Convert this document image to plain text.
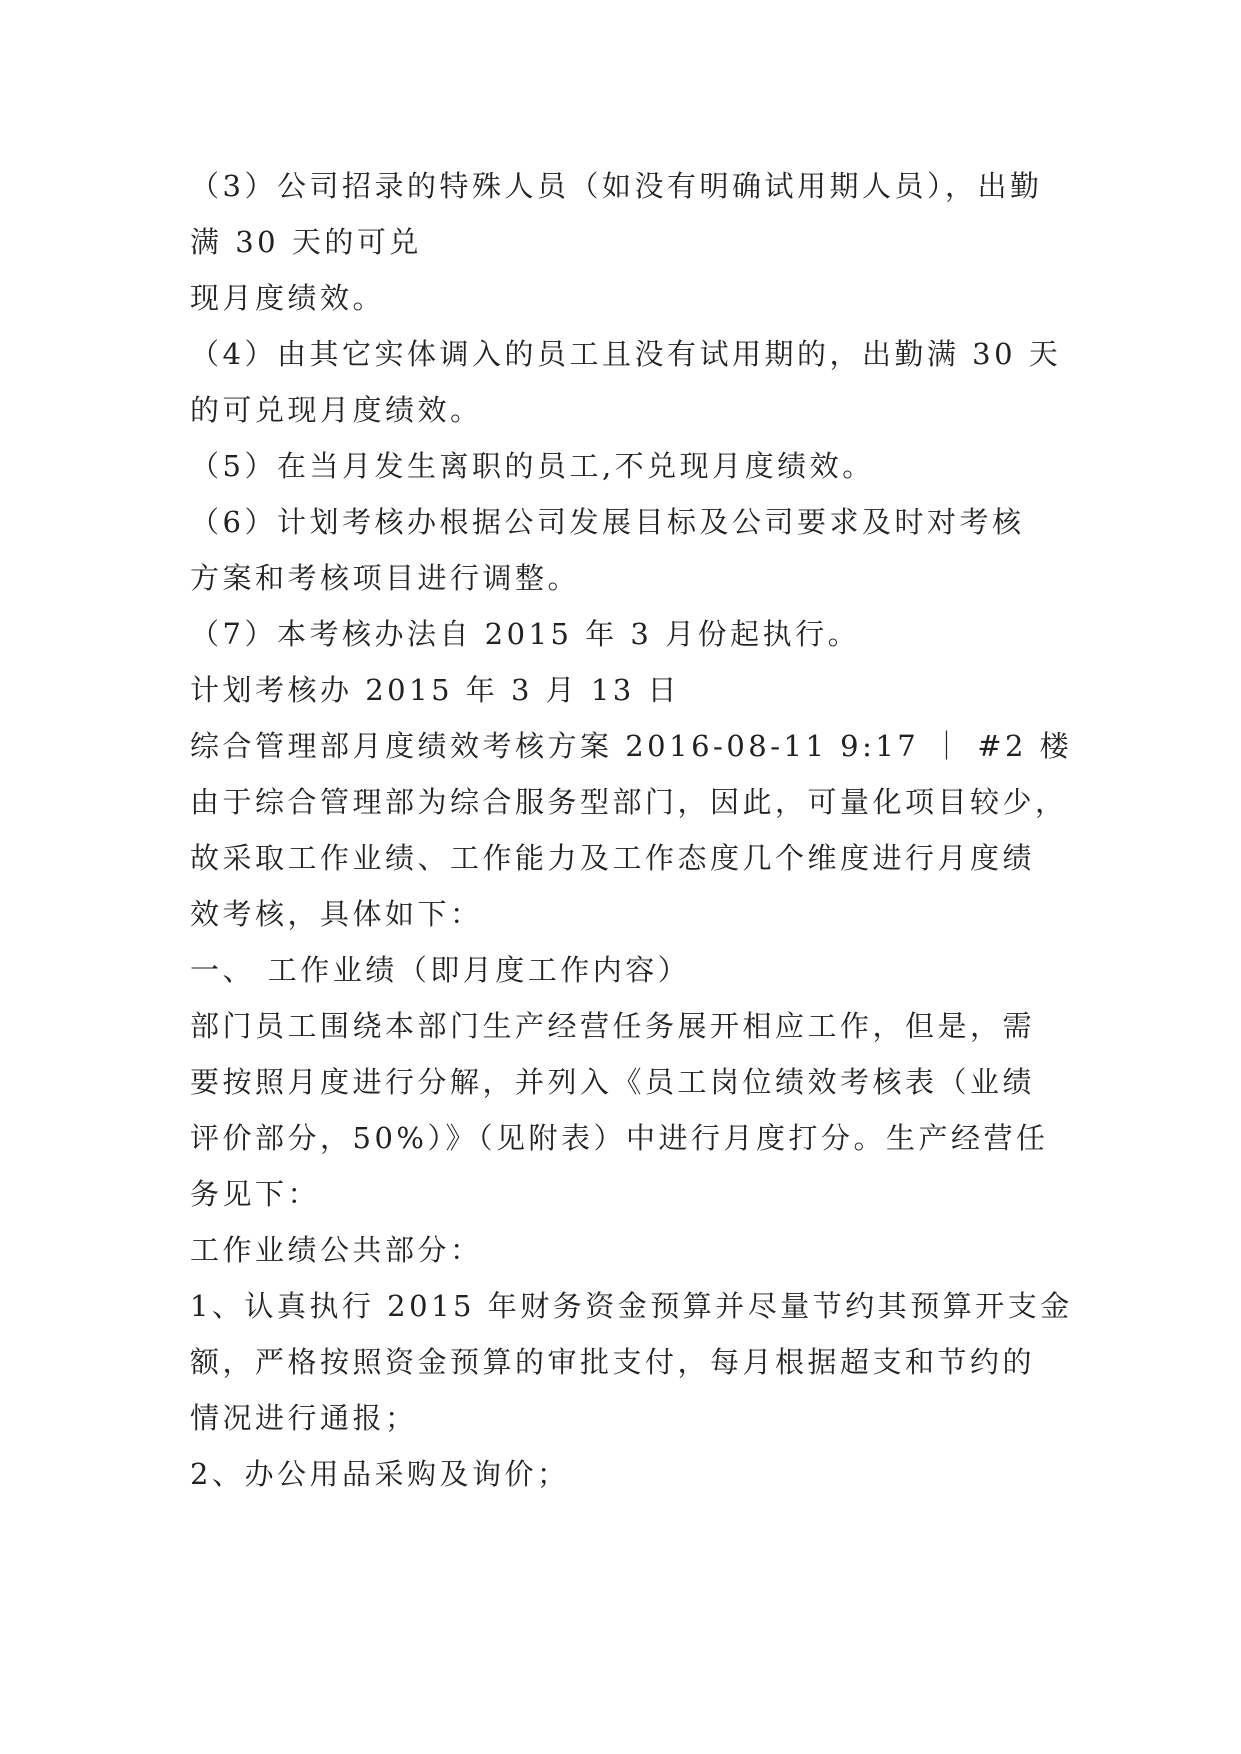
（3）公司招录的特殊人员（如没有明确试用期人员），出勤
满 30 天的可兑
现月度绩效。
（4）由其它实体调入的员工且没有试用期的，出勤满 30 天
的可兑现月度绩效。
（5）在当月发生离职的员工,不兑现月度绩效。
（6）计划考核办根据公司发展目标及公司要求及时对考核
方案和考核项目进行调整。
（7）本考核办法自 2015 年 3 月份起执行。
计划考核办 2015 年 3 月 13 日
综合管理部月度绩效考核方案 2016-08-11 9:17 ｜ #2 楼
由于综合管理部为综合服务型部门，因此，可量化项目较少，
故采取工作业绩、工作能力及工作态度几个维度进行月度绩
效考核，具体如下：
一、 工作业绩（即月度工作内容）
部门员工围绕本部门生产经营任务展开相应工作，但是，需
要按照月度进行分解，并列入《员工岗位绩效考核表（业绩
评价部分，50%）》（见附表）中进行月度打分。生产经营任
务见下：
工作业绩公共部分：
1、认真执行 2015 年财务资金预算并尽量节约其预算开支金
额，严格按照资金预算的审批支付，每月根据超支和节约的
情况进行通报；
2、办公用品采购及询价；
